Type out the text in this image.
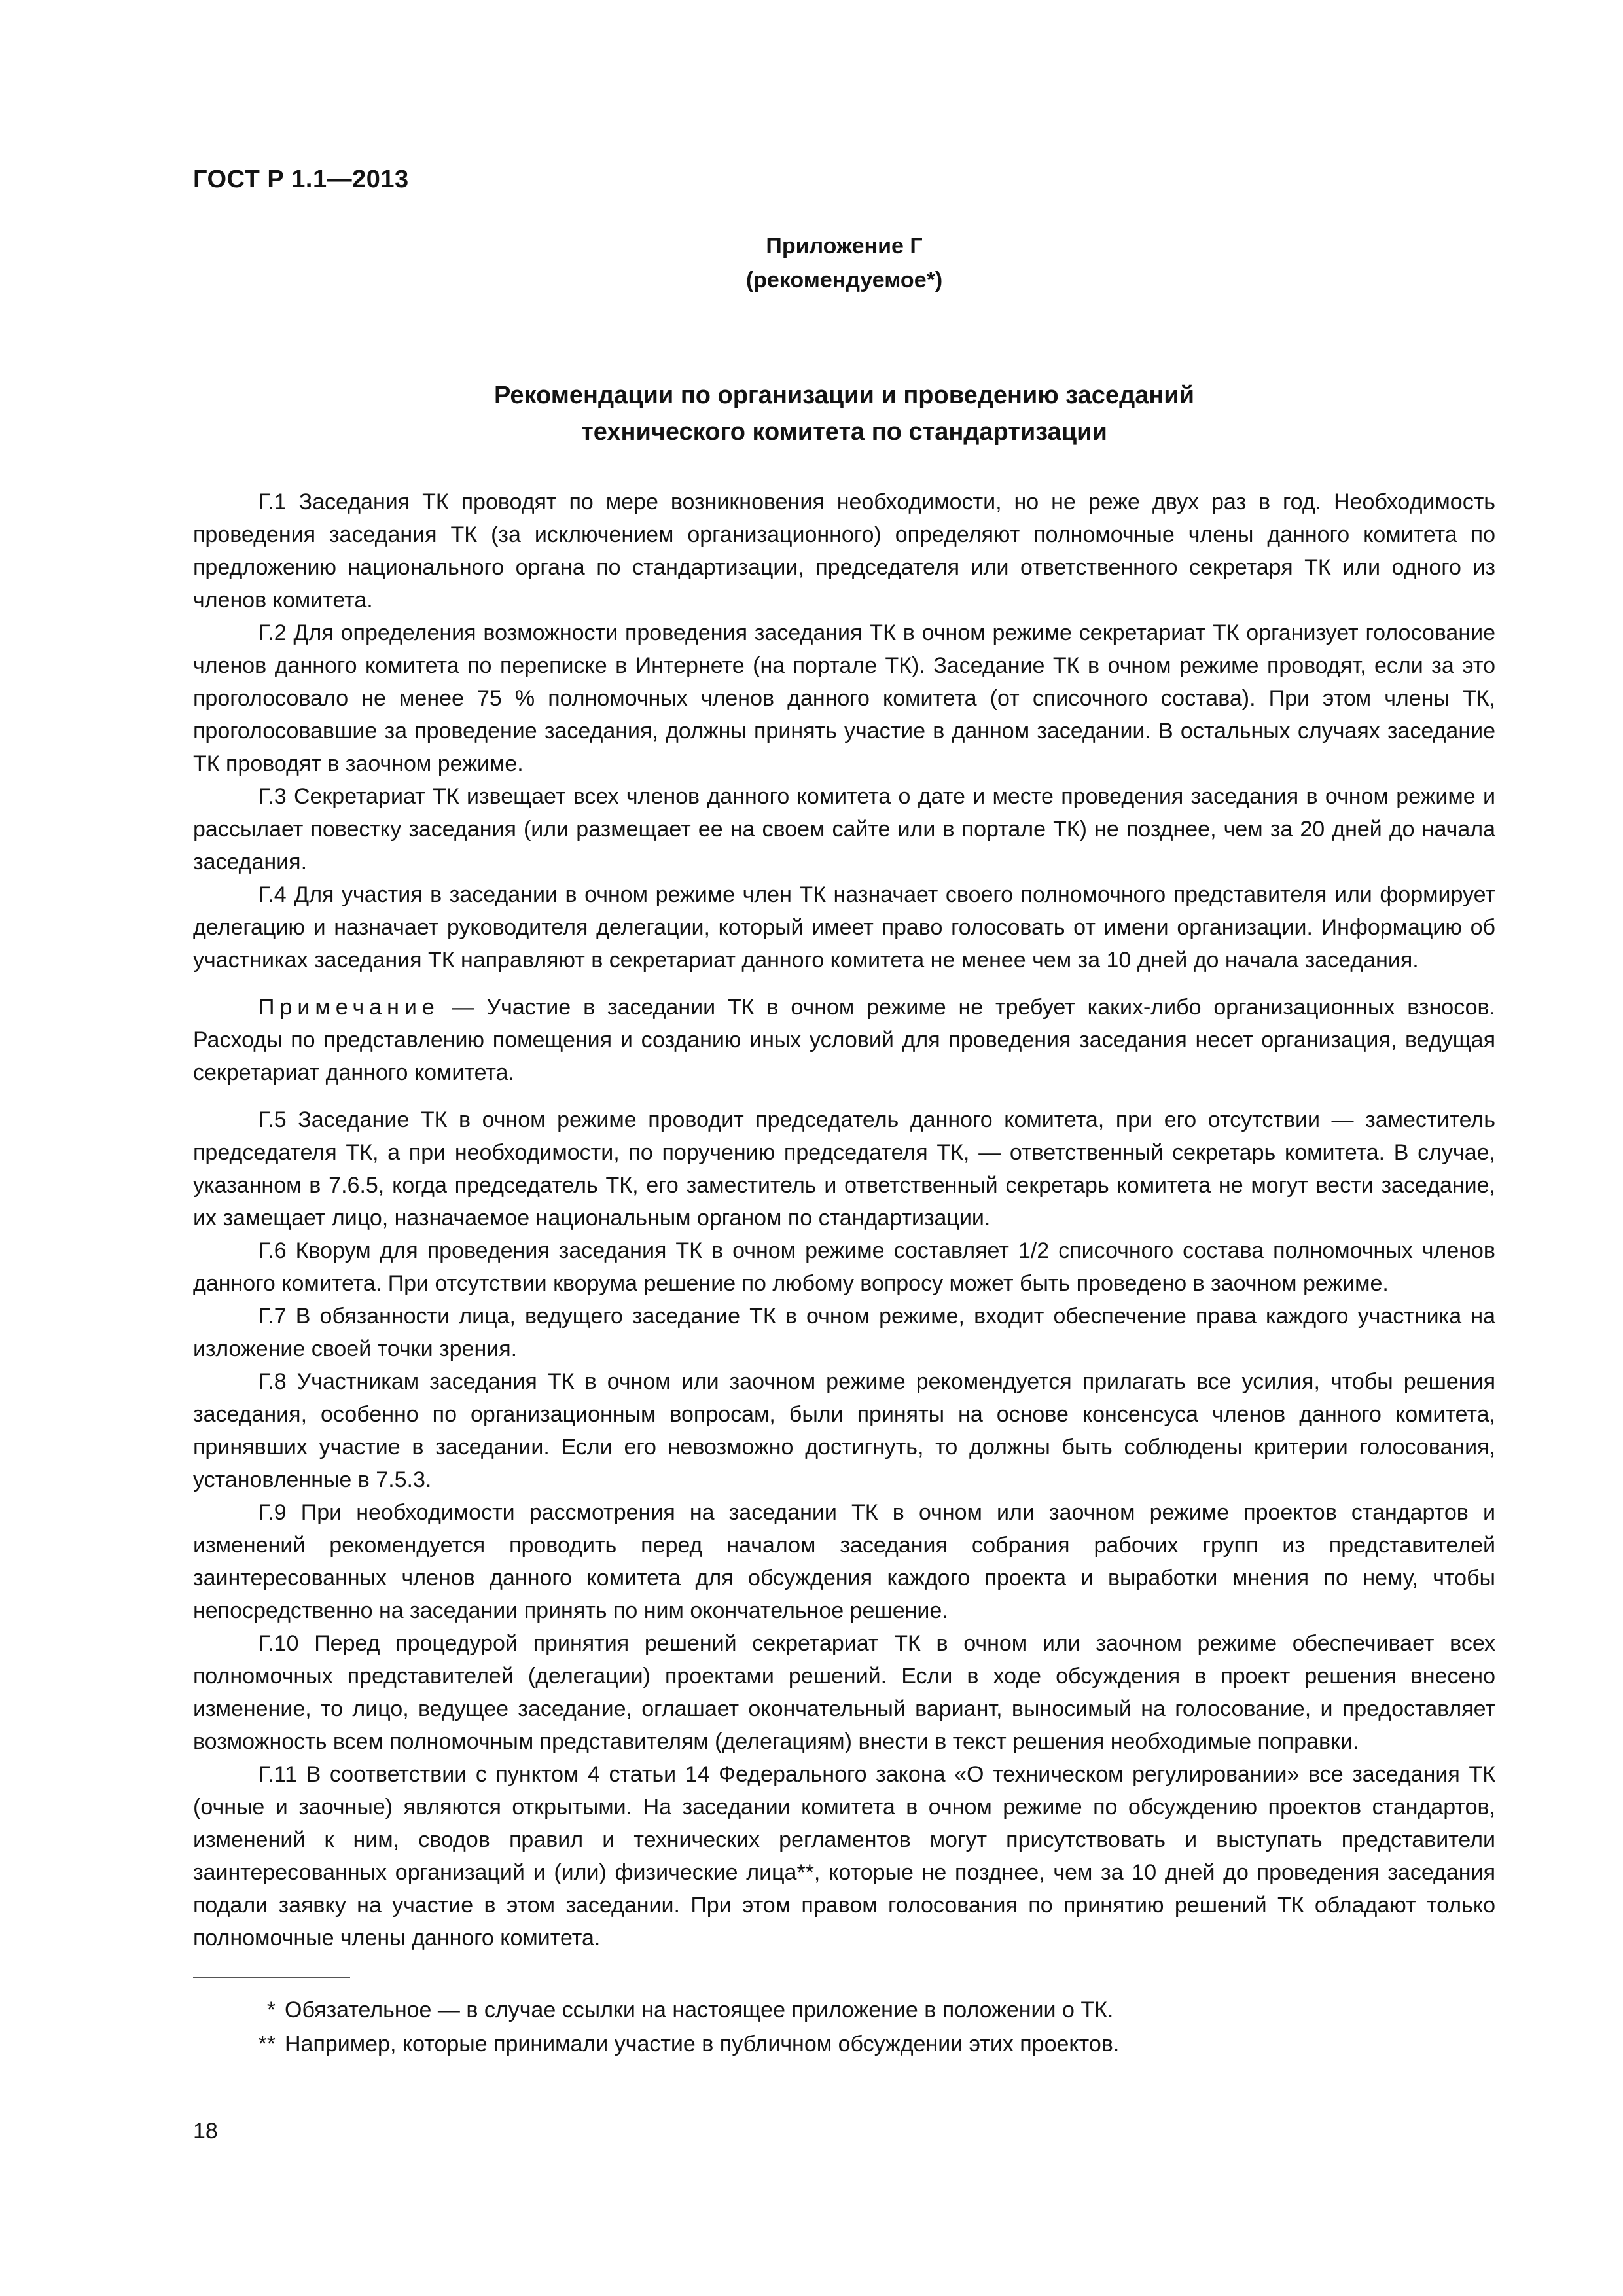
ГОСТ Р 1.1—2013
Приложение Г
(рекомендуемое*)
Рекомендации по организации и проведению заседаний
технического комитета по стандартизации

Г.1 Заседания ТК проводят по мере возникновения необходимости, но не реже двух раз в год. Необходимость проведения заседания ТК (за исключением организационного) определяют полномочные члены данного комитета по предложению национального органа по стандартизации, председателя или ответственного секретаря ТК или одного из членов комитета.

Г.2 Для определения возможности проведения заседания ТК в очном режиме секретариат ТК организует голосование членов данного комитета по переписке в Интернете (на портале ТК). Заседание ТК в очном режиме проводят, если за это проголосовало не менее 75 % полномочных членов данного комитета (от списочного состава). При этом члены ТК, проголосовавшие за проведение заседания, должны принять участие в данном заседании. В остальных случаях заседание ТК проводят в заочном режиме.

Г.3 Секретариат ТК извещает всех членов данного комитета о дате и месте проведения заседания в очном режиме и рассылает повестку заседания (или размещает ее на своем сайте или в портале ТК) не позднее, чем за 20 дней до начала заседания.

Г.4 Для участия в заседании в очном режиме член ТК назначает своего полномочного представителя или формирует делегацию и назначает руководителя делегации, который имеет право голосовать от имени организации. Информацию об участниках заседания ТК направляют в секретариат данного комитета не менее чем за 10 дней до начала заседания.

Примечание — Участие в заседании ТК в очном режиме не требует каких-либо организационных взносов. Расходы по представлению помещения и созданию иных условий для проведения заседания несет организация, ведущая секретариат данного комитета.

Г.5 Заседание ТК в очном режиме проводит председатель данного комитета, при его отсутствии — заместитель председателя ТК, а при необходимости, по поручению председателя ТК, — ответственный секретарь комитета. В случае, указанном в 7.6.5, когда председатель ТК, его заместитель и ответственный секретарь комитета не могут вести заседание, их замещает лицо, назначаемое национальным органом по стандартизации.

Г.6 Кворум для проведения заседания ТК в очном режиме составляет 1/2 списочного состава полномочных членов данного комитета. При отсутствии кворума решение по любому вопросу может быть проведено в заочном режиме.

Г.7 В обязанности лица, ведущего заседание ТК в очном режиме, входит обеспечение права каждого участника на изложение своей точки зрения.

Г.8 Участникам заседания ТК в очном или заочном режиме рекомендуется прилагать все усилия, чтобы решения заседания, особенно по организационным вопросам, были приняты на основе консенсуса членов данного комитета, принявших участие в заседании. Если его невозможно достигнуть, то должны быть соблюдены критерии голосования, установленные в 7.5.3.

Г.9 При необходимости рассмотрения на заседании ТК в очном или заочном режиме проектов стандартов и изменений рекомендуется проводить перед началом заседания собрания рабочих групп из представителей заинтересованных членов данного комитета для обсуждения каждого проекта и выработки мнения по нему, чтобы непосредственно на заседании принять по ним окончательное решение.

Г.10 Перед процедурой принятия решений секретариат ТК в очном или заочном режиме обеспечивает всех полномочных представителей (делегации) проектами решений. Если в ходе обсуждения в проект решения внесено изменение, то лицо, ведущее заседание, оглашает окончательный вариант, выносимый на голосование, и предоставляет возможность всем полномочным представителям (делегациям) внести в текст решения необходимые поправки.

Г.11 В соответствии с пунктом 4 статьи 14 Федерального закона «О техническом регулировании» все заседания ТК (очные и заочные) являются открытыми. На заседании комитета в очном режиме по обсуждению проектов стандартов, изменений к ним, сводов правил и технических регламентов могут присутствовать и выступать представители заинтересованных организаций и (или) физические лица**, которые не позднее, чем за 10 дней до проведения заседания подали заявку на участие в этом заседании. При этом правом голосования по принятию решений ТК обладают только полномочные члены данного комитета.

* Обязательное — в случае ссылки на настоящее приложение в положении о ТК.
** Например, которые принимали участие в публичном обсуждении этих проектов.
18
